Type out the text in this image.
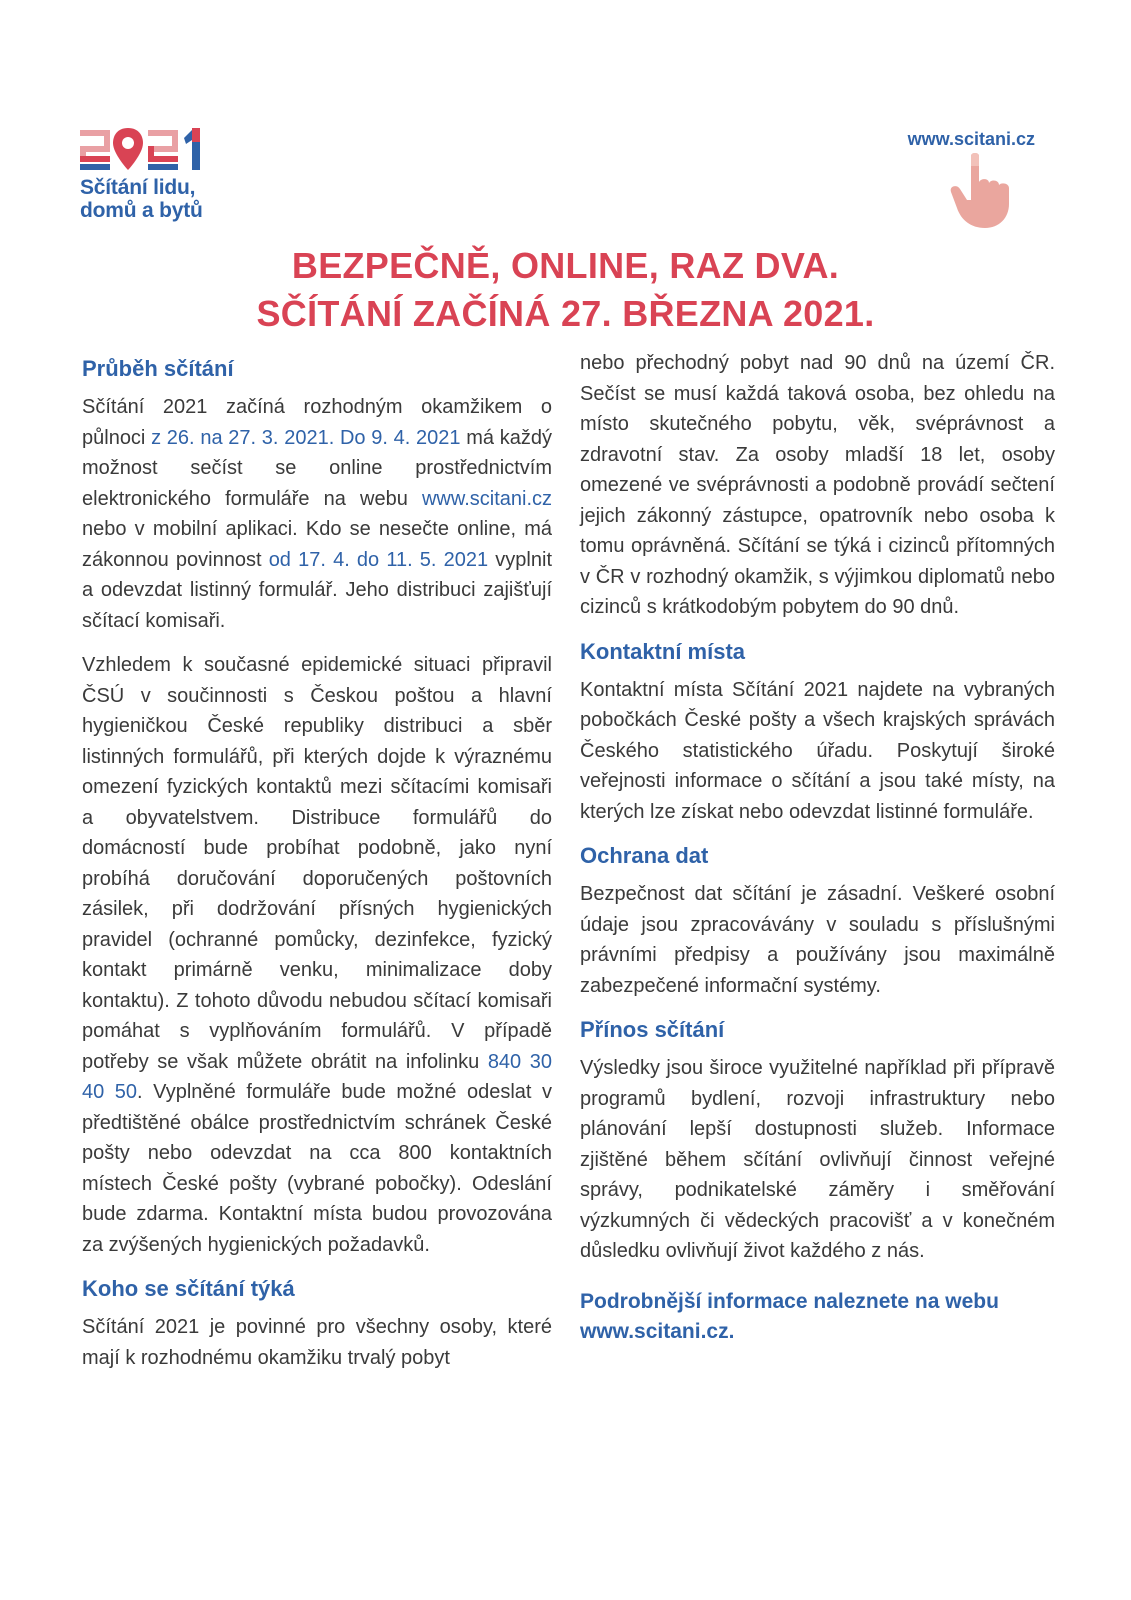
Sčítání lidu,
domů a bytů
www.scitani.cz
BEZPEČNĚ, ONLINE, RAZ DVA.
SČÍTÁNÍ ZAČÍNÁ 27. BŘEZNA 2021.
Průběh sčítání

Sčítání 2021 začíná rozhodným okamžikem o půlnoci z 26. na 27. 3. 2021. Do 9. 4. 2021 má každý možnost sečíst se online prostřednictvím elektronického formuláře na webu www.scitani.cz nebo v mobilní aplikaci. Kdo se nesečte online, má zákonnou povinnost od 17. 4. do 11. 5. 2021 vyplnit a odevzdat listinný formulář. Jeho distribuci zajišťují sčítací komisaři.

Vzhledem k současné epidemické situaci připravil ČSÚ v součinnosti s Českou poštou a hlavní hygieničkou České republiky distribuci a sběr listinných formulářů, při kterých dojde k výraznému omezení fyzických kontaktů mezi sčítacími komisaři a obyvatelstvem. Distribuce formulářů do domácností bude probíhat podobně, jako nyní probíhá doručování doporučených poštovních zásilek, při dodržování přísných hygienických pravidel (ochranné pomůcky, dezinfekce, fyzický kontakt primárně venku, minimalizace doby kontaktu). Z tohoto důvodu nebudou sčítací komisaři pomáhat s vyplňováním formulářů. V případě potřeby se však můžete obrátit na infolinku 840 30 40 50. Vyplněné formuláře bude možné odeslat v předtištěné obálce prostřednictvím schránek České pošty nebo odevzdat na cca 800 kontaktních místech České pošty (vybrané pobočky). Odeslání bude zdarma. Kontaktní místa budou provozována za zvýšených hygienických požadavků.

Koho se sčítání týká

Sčítání 2021 je povinné pro všechny osoby, které mají k rozhodnému okamžiku trvalý pobyt

nebo přechodný pobyt nad 90 dnů na území ČR. Sečíst se musí každá taková osoba, bez ohledu na místo skutečného pobytu, věk, svéprávnost a zdravotní stav. Za osoby mladší 18 let, osoby omezené ve svéprávnosti a podobně provádí sečtení jejich zákonný zástupce, opatrovník nebo osoba k tomu oprávněná. Sčítání se týká i cizinců přítomných v ČR v rozhodný okamžik, s výjimkou diplomatů nebo cizinců s krátkodobým pobytem do 90 dnů.

Kontaktní místa

Kontaktní místa Sčítání 2021 najdete na vybraných pobočkách České pošty a všech krajských správách Českého statistického úřadu. Poskytují široké veřejnosti informace o sčítání a jsou také místy, na kterých lze získat nebo odevzdat listinné formuláře.

Ochrana dat

Bezpečnost dat sčítání je zásadní. Veškeré osobní údaje jsou zpracovávány v souladu s příslušnými právními předpisy a používány jsou maximálně zabezpečené informační systémy.

Přínos sčítání

Výsledky jsou široce využitelné například při přípravě programů bydlení, rozvoji infrastruktury nebo plánování lepší dostupnosti služeb. Informace zjištěné během sčítání ovlivňují činnost veřejné správy, podnikatelské záměry i směřování výzkumných či vědeckých pracovišť a v konečném důsledku ovlivňují život každého z nás.

Podrobnější informace naleznete na webu
www.scitani.cz.
